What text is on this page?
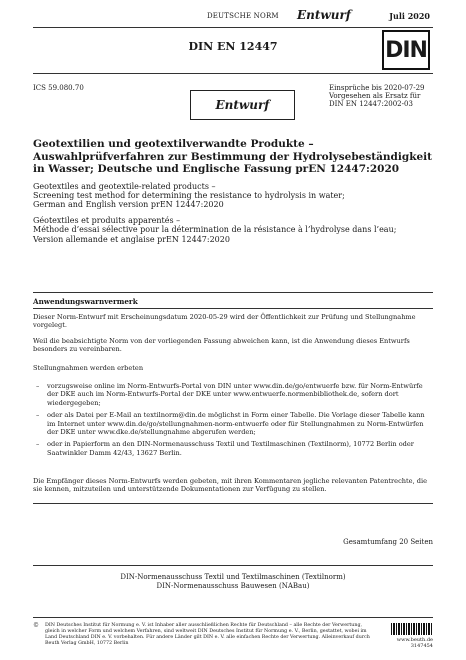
DEUTSCHE NORM Entwurf	Juli 2020
DIN EN 12447	DIN
ICS 59.080.70	Einsprüche bis 2020-07-29
Vorgesehen als Ersatz für
DIN EN 12447:2002-03
Entwurf
Geotextilien und geotextilverwandte Produkte – Auswahlprüfverfahren zur Bestimmung der Hydrolysebeständigkeit in Wasser; Deutsche und Englische Fassung prEN 12447:2020
Geotextiles and geotextile-related products –
Screening test method for determining the resistance to hydrolysis in water;
German and English version prEN 12447:2020
Géotextiles et produits apparentés –
Méthode d’essai sélective pour la détermination de la résistance à l’hydrolyse dans l’eau;
Version allemande et anglaise prEN 12447:2020
Anwendungswarnvermerk
Dieser Norm-Entwurf mit Erscheinungsdatum 2020-05-29 wird der Öffentlichkeit zur Prüfung und Stellungnahme vorgelegt.
Weil die beabsichtigte Norm von der vorliegenden Fassung abweichen kann, ist die Anwendung dieses Entwurfs besonders zu vereinbaren.
Stellungnahmen werden erbeten
–	vorzugsweise online im Norm-Entwurfs-Portal von DIN unter www.din.de/go/entwuerfe bzw. für Norm-Entwürfe der DKE auch im Norm-Entwurfs-Portal der DKE unter www.entwuerfe.normenbibliothek.de, sofern dort wiedergegeben;
–	oder als Datei per E-Mail an textilnorm@din.de möglichst in Form einer Tabelle. Die Vorlage dieser Tabelle kann im Internet unter www.din.de/go/stellungnahmen-norm-entwuerfe oder für Stellungnahmen zu Norm-Entwürfen der DKE unter www.dke.de/stellungnahme abgerufen werden;
–	oder in Papierform an den DIN-Normenausschuss Textil und Textilmaschinen (Textilnorm), 10772 Berlin oder Saatwinkler Damm 42/43, 13627 Berlin.
Die Empfänger dieses Norm-Entwurfs werden gebeten, mit ihren Kommentaren jegliche relevanten Patentrechte, die sie kennen, mitzuteilen und unterstützende Dokumentationen zur Verfügung zu stellen.
Gesamtumfang 20 Seiten
DIN-Normenausschuss Textil und Textilmaschinen (Textilnorm)
DIN-Normenausschuss Bauwesen (NABau)
©	DIN Deutsches Institut für Normung e. V. ist Inhaber aller ausschließlichen Rechte für Deutschland – alle Rechte der Verwertung, gleich in welcher Form und welchem Verfahren, sind weltweit DIN Deutsches Institut für Normung e. V., Berlin, gestattet, wobei im Land Deutschland DIN e. V. vorbehalten. Für andere Länder gilt DIN e. V. alle einfachen Rechte der Verwertung. Alleinverkauf durch Beuth Verlag GmbH, 10772 Berlin

www.beuth.de
3147454
